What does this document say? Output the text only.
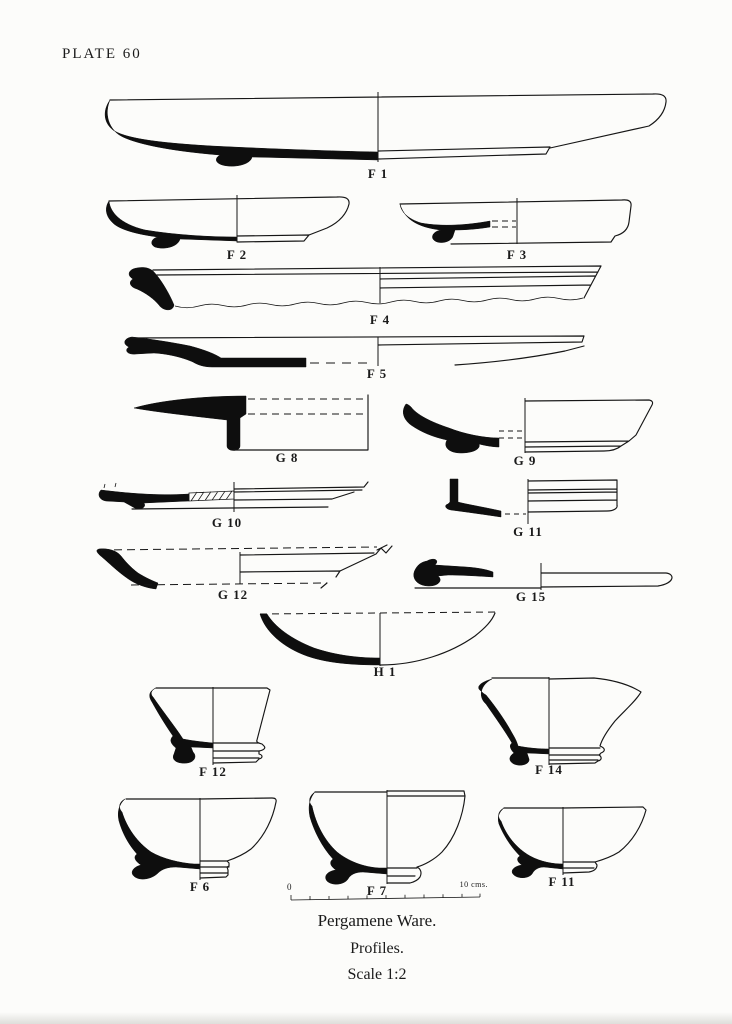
PLATE 60
F 1
F 2	F 3
F 4
F 5
G 8	G 9
G 10
G 11
G 12	G 15
H 1
F 12	F 14
F 6	F 7
F 11
0	10 cms.
Pergamene Ware.
Profiles.
Scale 1:2
